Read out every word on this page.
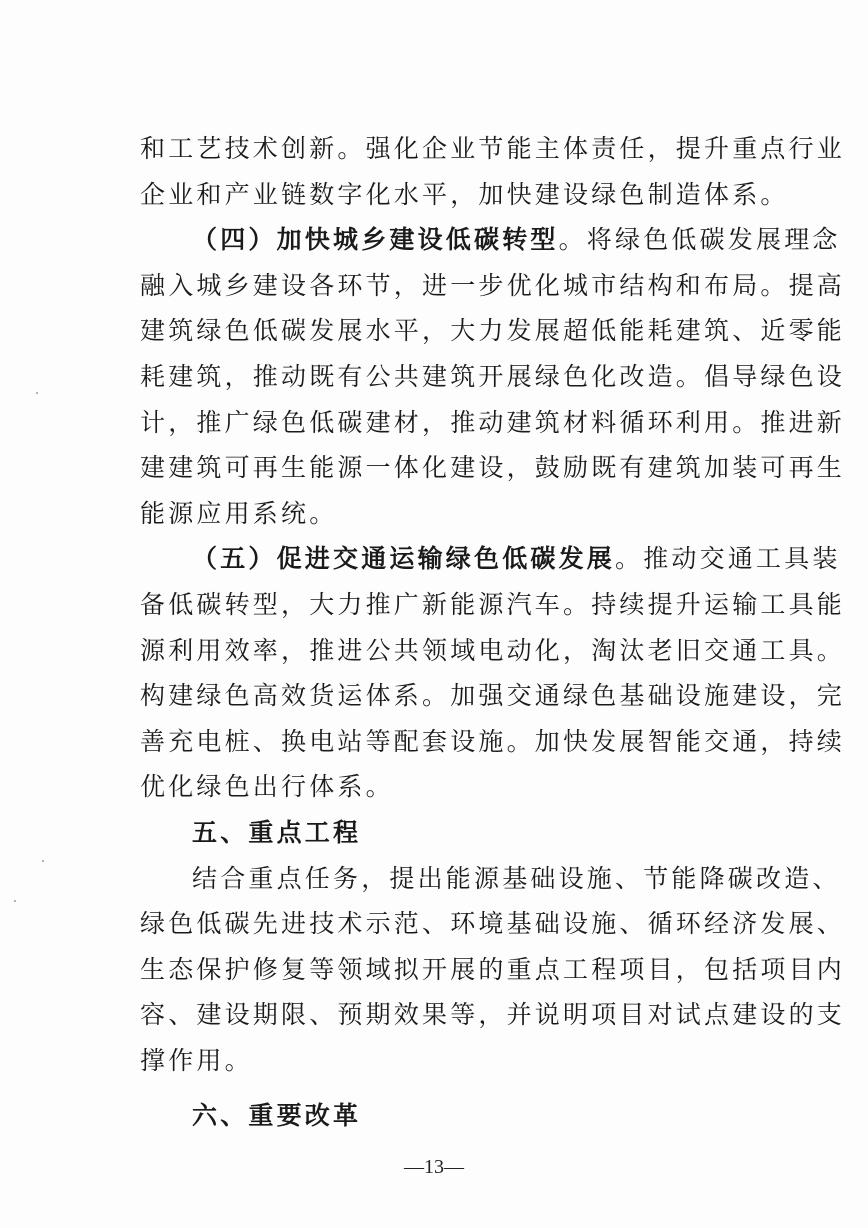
和工艺技术创新。强化企业节能主体责任，提升重点行业
企业和产业链数字化水平，加快建设绿色制造体系。
（四）加快城乡建设低碳转型。将绿色低碳发展理念
融入城乡建设各环节，进一步优化城市结构和布局。提高
建筑绿色低碳发展水平，大力发展超低能耗建筑、近零能
耗建筑，推动既有公共建筑开展绿色化改造。倡导绿色设
计，推广绿色低碳建材，推动建筑材料循环利用。推进新
建建筑可再生能源一体化建设，鼓励既有建筑加装可再生
能源应用系统。
（五）促进交通运输绿色低碳发展。推动交通工具装
备低碳转型，大力推广新能源汽车。持续提升运输工具能
源利用效率，推进公共领域电动化，淘汰老旧交通工具。
构建绿色高效货运体系。加强交通绿色基础设施建设，完
善充电桩、换电站等配套设施。加快发展智能交通，持续
优化绿色出行体系。
五、重点工程
结合重点任务，提出能源基础设施、节能降碳改造、
绿色低碳先进技术示范、环境基础设施、循环经济发展、
生态保护修复等领域拟开展的重点工程项目，包括项目内
容、建设期限、预期效果等，并说明项目对试点建设的支
撑作用。
六、重要改革
—13—
